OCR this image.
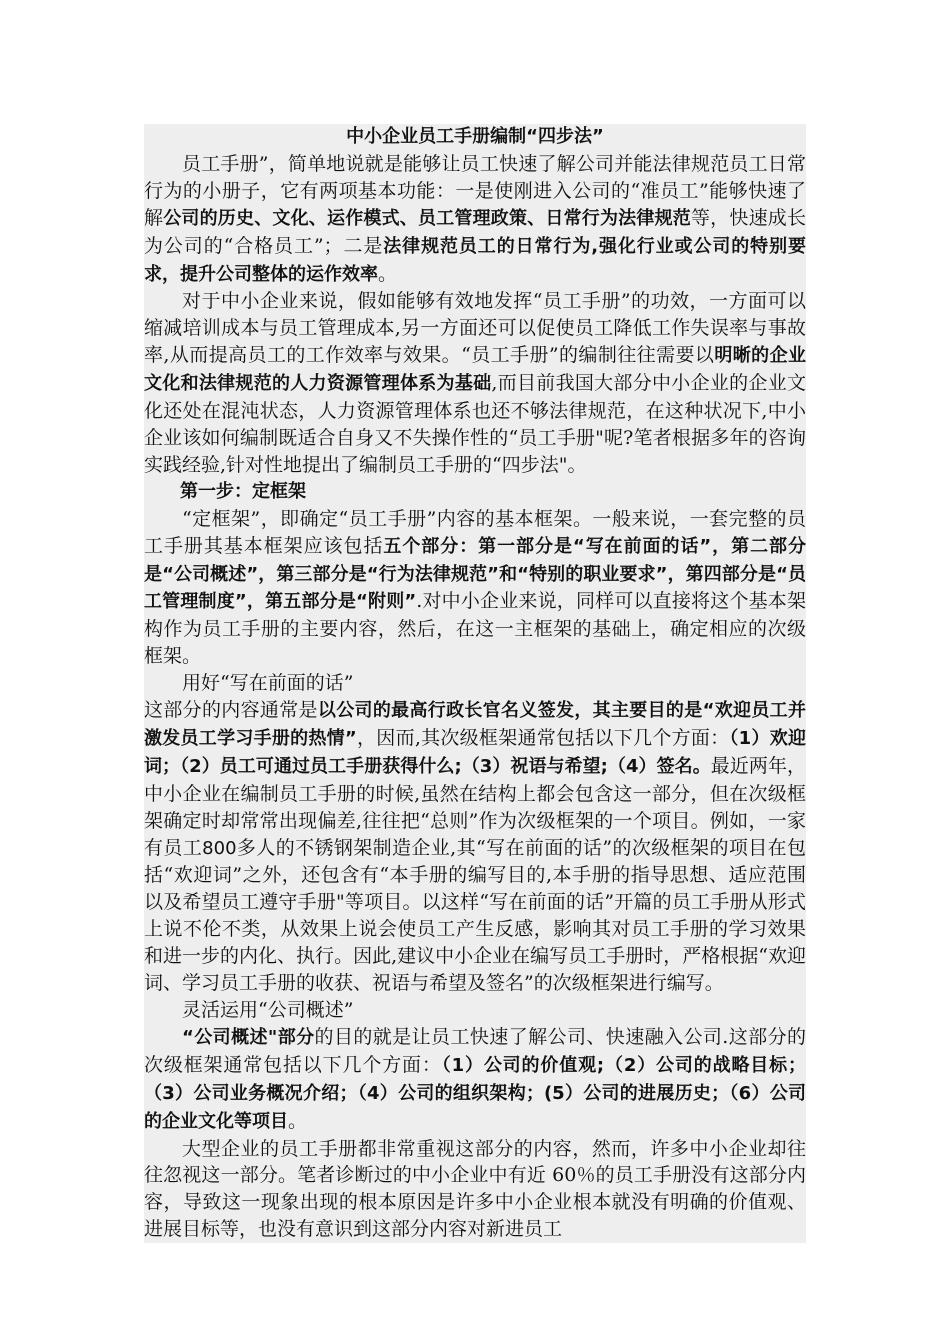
中小企业员工手册编制“四步法”

员工手册”，简单地说就是能够让员工快速了解公司并能法律规范员工日常行为的小册子，它有两项基本功能：一是使刚进入公司的“准员工”能够快速了解公司的历史、文化、运作模式、员工管理政策、日常行为法律规范等，快速成长为公司的“合格员工”；二是法律规范员工的日常行为,强化行业或公司的特别要求，提升公司整体的运作效率。

对于中小企业来说，假如能够有效地发挥“员工手册”的功效，一方面可以缩减培训成本与员工管理成本,另一方面还可以促使员工降低工作失误率与事故率,从而提高员工的工作效率与效果。“员工手册”的编制往往需要以明晰的企业文化和法律规范的人力资源管理体系为基础,而目前我国大部分中小企业的企业文化还处在混沌状态，人力资源管理体系也还不够法律规范，在这种状况下,中小企业该如何编制既适合自身又不失操作性的“员工手册"呢?笔者根据多年的咨询实践经验,针对性地提出了编制员工手册的“四步法"。

第一步：定框架

“定框架”，即确定“员工手册”内容的基本框架。一般来说，一套完整的员工手册其基本框架应该包括五个部分：第一部分是“写在前面的话”，第二部分是“公司概述”，第三部分是“行为法律规范”和“特别的职业要求”，第四部分是“员工管理制度”，第五部分是“附则”.对中小企业来说，同样可以直接将这个基本架构作为员工手册的主要内容，然后，在这一主框架的基础上，确定相应的次级框架。

用好“写在前面的话”

这部分的内容通常是以公司的最高行政长官名义签发，其主要目的是“欢迎员工并激发员工学习手册的热情”，因而,其次级框架通常包括以下几个方面：（1）欢迎词；（2）员工可通过员工手册获得什么;（3）祝语与希望;（4）签名。最近两年，中小企业在编制员工手册的时候,虽然在结构上都会包含这一部分，但在次级框架确定时却常常出现偏差,往往把“总则”作为次级框架的一个项目。例如，一家有员工800多人的不锈钢架制造企业,其“写在前面的话”的次级框架的项目在包括“欢迎词”之外，还包含有“本手册的编写目的,本手册的指导思想、适应范围以及希望员工遵守手册"等项目。以这样“写在前面的话”开篇的员工手册从形式上说不伦不类，从效果上说会使员工产生反感，影响其对员工手册的学习效果和进一步的内化、执行。因此,建议中小企业在编写员工手册时，严格根据“欢迎词、学习员工手册的收获、祝语与希望及签名”的次级框架进行编写。

灵活运用“公司概述”

“公司概述"部分的目的就是让员工快速了解公司、快速融入公司.这部分的次级框架通常包括以下几个方面：（1）公司的价值观;（2）公司的战略目标；（3）公司业务概况介绍；（4）公司的组织架构；(5）公司的进展历史；（6）公司的企业文化等项目。

大型企业的员工手册都非常重视这部分的内容，然而，许多中小企业却往往忽视这一部分。笔者诊断过的中小企业中有近 60％的员工手册没有这部分内容，导致这一现象出现的根本原因是许多中小企业根本就没有明确的价值观、进展目标等，也没有意识到这部分内容对新进员工
